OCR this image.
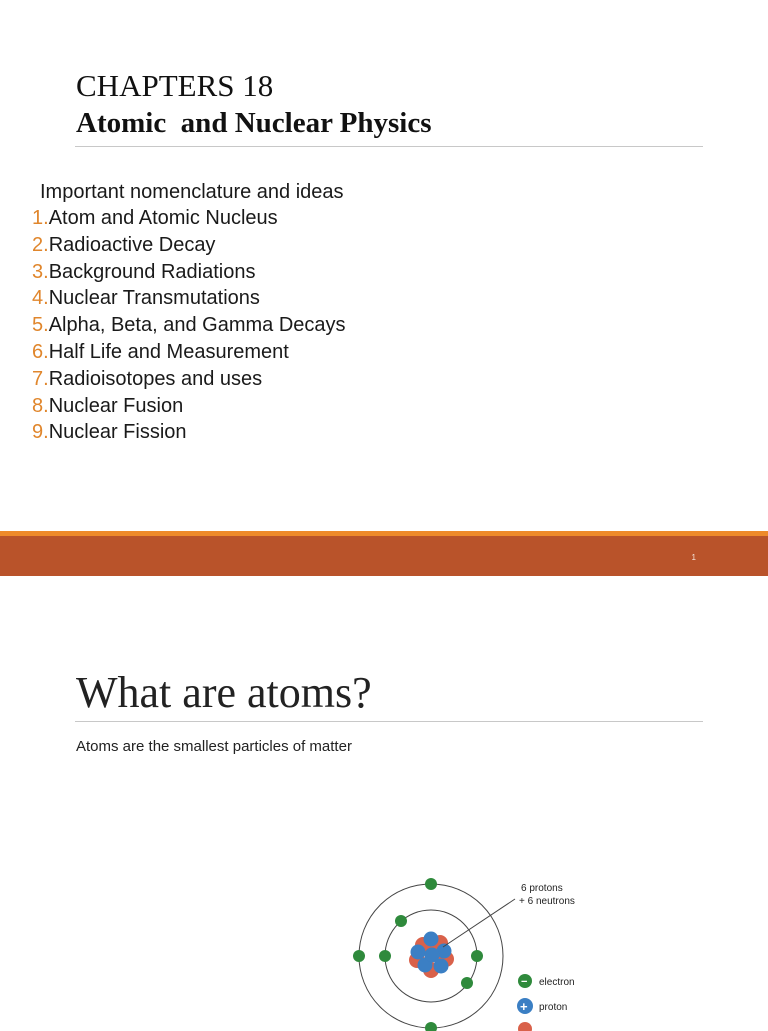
CHAPTERS 18
Atomic  and Nuclear Physics
Important nomenclature and ideas
1.Atom and Atomic Nucleus
2.Radioactive Decay
3.Background Radiations
4.Nuclear Transmutations
5.Alpha, Beta, and Gamma Decays
6.Half Life and Measurement
7.Radioisotopes and uses
8.Nuclear Fusion
9.Nuclear Fission
1
What are atoms?
Atoms are the smallest particles of matter
6 protons
+ 6 neutrons
− electron
+ proton
